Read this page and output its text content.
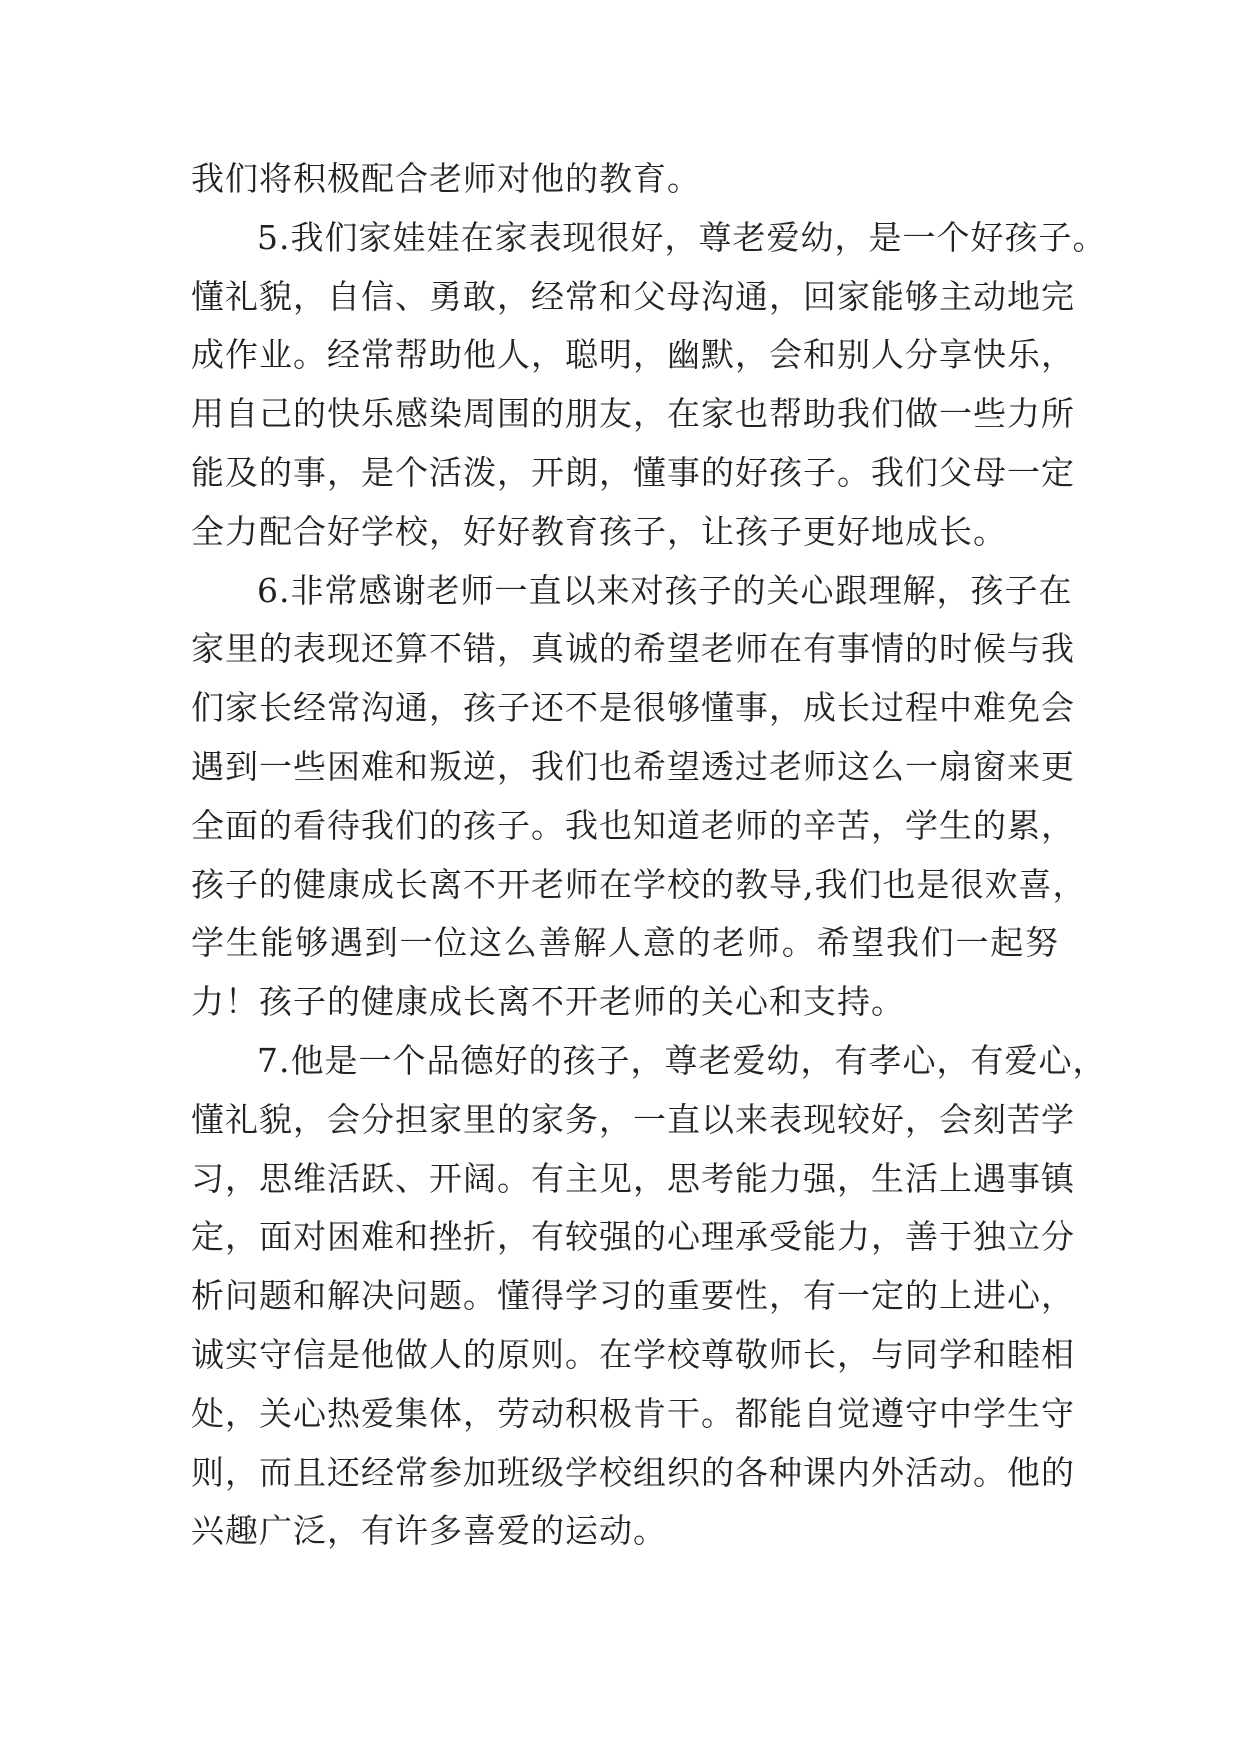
我们将积极配合老师对他的教育。
5.我们家娃娃在家表现很好，尊老爱幼，是一个好孩子。
懂礼貌，自信、勇敢，经常和父母沟通，回家能够主动地完
成作业。经常帮助他人，聪明，幽默，会和别人分享快乐，
用自己的快乐感染周围的朋友，在家也帮助我们做一些力所
能及的事，是个活泼，开朗，懂事的好孩子。我们父母一定
全力配合好学校，好好教育孩子，让孩子更好地成长。
6.非常感谢老师一直以来对孩子的关心跟理解，孩子在
家里的表现还算不错，真诚的希望老师在有事情的时候与我
们家长经常沟通，孩子还不是很够懂事，成长过程中难免会
遇到一些困难和叛逆，我们也希望透过老师这么一扇窗来更
全面的看待我们的孩子。我也知道老师的辛苦，学生的累，
孩子的健康成长离不开老师在学校的教导,我们也是很欢喜，
学生能够遇到一位这么善解人意的老师。希望我们一起努
力！孩子的健康成长离不开老师的关心和支持。
7.他是一个品德好的孩子，尊老爱幼，有孝心，有爱心，
懂礼貌，会分担家里的家务，一直以来表现较好，会刻苦学
习，思维活跃、开阔。有主见，思考能力强，生活上遇事镇
定，面对困难和挫折，有较强的心理承受能力，善于独立分
析问题和解决问题。懂得学习的重要性，有一定的上进心，
诚实守信是他做人的原则。在学校尊敬师长，与同学和睦相
处，关心热爱集体，劳动积极肯干。都能自觉遵守中学生守
则，而且还经常参加班级学校组织的各种课内外活动。他的
兴趣广泛，有许多喜爱的运动。
